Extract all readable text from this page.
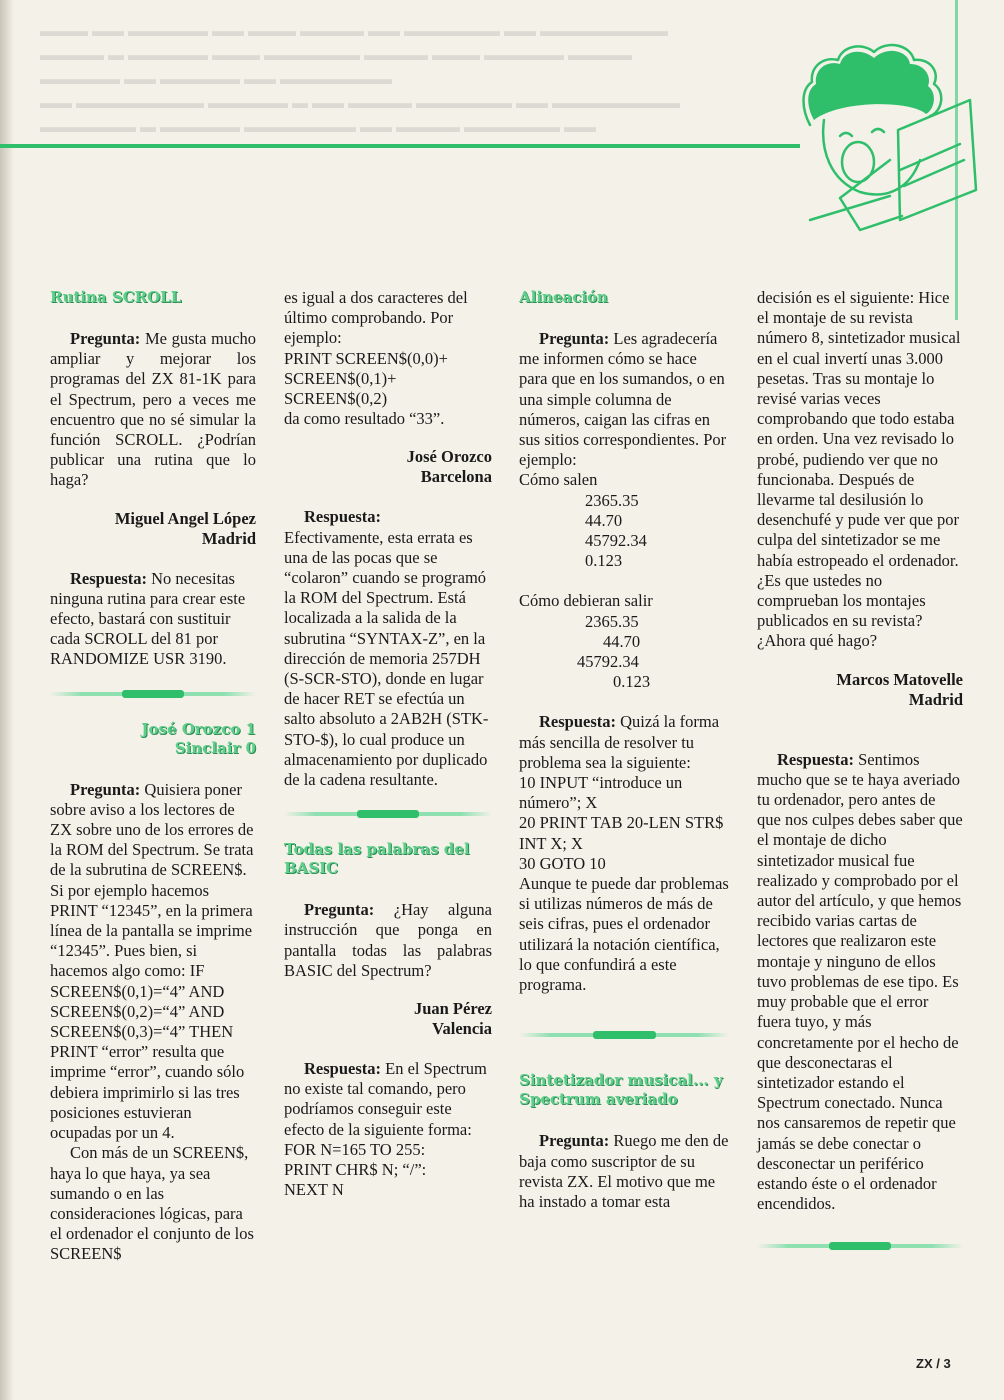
▬▬▬ ▬▬ ▬▬▬▬▬ ▬▬ ▬▬▬ ▬▬▬▬ ▬▬ ▬▬▬▬▬▬ ▬▬ ▬▬▬▬▬▬▬▬
▬▬▬▬ ▬ ▬▬▬▬▬ ▬▬▬ ▬▬▬▬▬▬ ▬▬▬▬ ▬▬▬ ▬▬▬▬▬ ▬▬▬▬
▬▬▬▬▬ ▬▬ ▬▬▬▬▬ ▬▬ ▬▬▬▬▬▬▬
▬▬ ▬▬▬▬▬▬▬▬ ▬▬▬▬▬ ▬ ▬▬ ▬▬▬▬ ▬▬▬▬▬▬ ▬▬ ▬▬▬▬▬▬▬▬
▬▬▬▬▬▬ ▬ ▬▬▬▬▬ ▬▬▬▬▬▬▬ ▬▬ ▬▬▬▬ ▬▬▬▬▬▬ ▬▬
Rutina SCROLL

Pregunta: Me gusta mucho ampliar y mejorar los programas del ZX 81-1K para el Spectrum, pero a veces me encuentro que no sé simular la función SCROLL. ¿Podrían publicar una rutina que lo haga?

Miguel Angel López
Madrid

Respuesta: No necesitas ninguna rutina para crear este efecto, bastará con sustituir cada SCROLL del 81 por RANDOMIZE USR 3190.

José Orozco 1
Sinclair 0

Pregunta: Quisiera poner sobre aviso a los lectores de ZX sobre uno de los errores de la ROM del Spectrum. Se trata de la subrutina de SCREEN$. Si por ejemplo hacemos PRINT “12345”, en la primera línea de la pantalla se imprime “12345”. Pues bien, si hacemos algo como: IF SCREEN$(0,1)=“4” AND SCREEN$(0,2)=“4” AND SCREEN$(0,3)=“4” THEN PRINT “error” resulta que imprime “error”, cuando sólo debiera imprimirlo si las tres posiciones estuvieran ocupadas por un 4.

Con más de un SCREEN$, haya lo que haya, ya sea sumando o en las consideraciones lógicas, para el ordenador el conjunto de los SCREEN$

es igual a dos caracteres del último comprobando. Por ejemplo:

PRINT SCREEN$(0,0)+
SCREEN$(0,1)+
SCREEN$(0,2)

da como resultado “33”.

José Orozco
Barcelona

Respuesta:

Efectivamente, esta errata es una de las pocas que se “colaron” cuando se programó la ROM del Spectrum. Está localizada a la salida de la subrutina “SYNTAX-Z”, en la dirección de memoria 257DH (S-SCR-STO), donde en lugar de hacer RET se efectúa un salto absoluto a 2AB2H (STK-STO-$), lo cual produce un almacenamiento por duplicado de la cadena resultante.

Todas las palabras del BASIC

Pregunta: ¿Hay alguna instrucción que ponga en pantalla todas las palabras BASIC del Spectrum?

Juan Pérez
Valencia

Respuesta: En el Spectrum no existe tal comando, pero podríamos conseguir este efecto de la siguiente forma:

FOR N=165 TO 255:
PRINT CHR$ N; “/”:
NEXT N
Alineación

Pregunta: Les agradecería me informen cómo se hace para que en los sumandos, o en una simple columna de números, caigan las cifras en sus sitios correspondientes. Por ejemplo:

Cómo salen

2365.35
44.70
45792.34
0.123

Cómo debieran salir

2365.35
44.70
45792.34
0.123

Respuesta: Quizá la forma más sencilla de resolver tu problema sea la siguiente:

10 INPUT “introduce un número”; X
20 PRINT TAB 20-LEN STR$ INT X; X
30 GOTO 10

Aunque te puede dar problemas si utilizas números de más de seis cifras, pues el ordenador utilizará la notación científica, lo que confundirá a este programa.

Sintetizador musical... y Spectrum averiado

Pregunta: Ruego me den de baja como suscriptor de su revista ZX. El motivo que me ha instado a tomar esta

decisión es el siguiente: Hice el montaje de su revista número 8, sintetizador musical en el cual invertí unas 3.000 pesetas. Tras su montaje lo revisé varias veces comprobando que todo estaba en orden. Una vez revisado lo probé, pudiendo ver que no funcionaba. Después de llevarme tal desilusión lo desenchufé y pude ver que por culpa del sintetizador se me había estropeado el ordenador. ¿Es que ustedes no comprueban los montajes publicados en su revista? ¿Ahora qué hago?

Marcos Matovelle
Madrid

Respuesta: Sentimos mucho que se te haya averiado tu ordenador, pero antes de que nos culpes debes saber que el montaje de dicho sintetizador musical fue realizado y comprobado por el autor del artículo, y que hemos recibido varias cartas de lectores que realizaron este montaje y ninguno de ellos tuvo problemas de ese tipo. Es muy probable que el error fuera tuyo, y más concretamente por el hecho de que desconectaras el sintetizador estando el Spectrum conectado. Nunca nos cansaremos de repetir que jamás se debe conectar o desconectar un periférico estando éste o el ordenador encendidos.

ZX / 3
